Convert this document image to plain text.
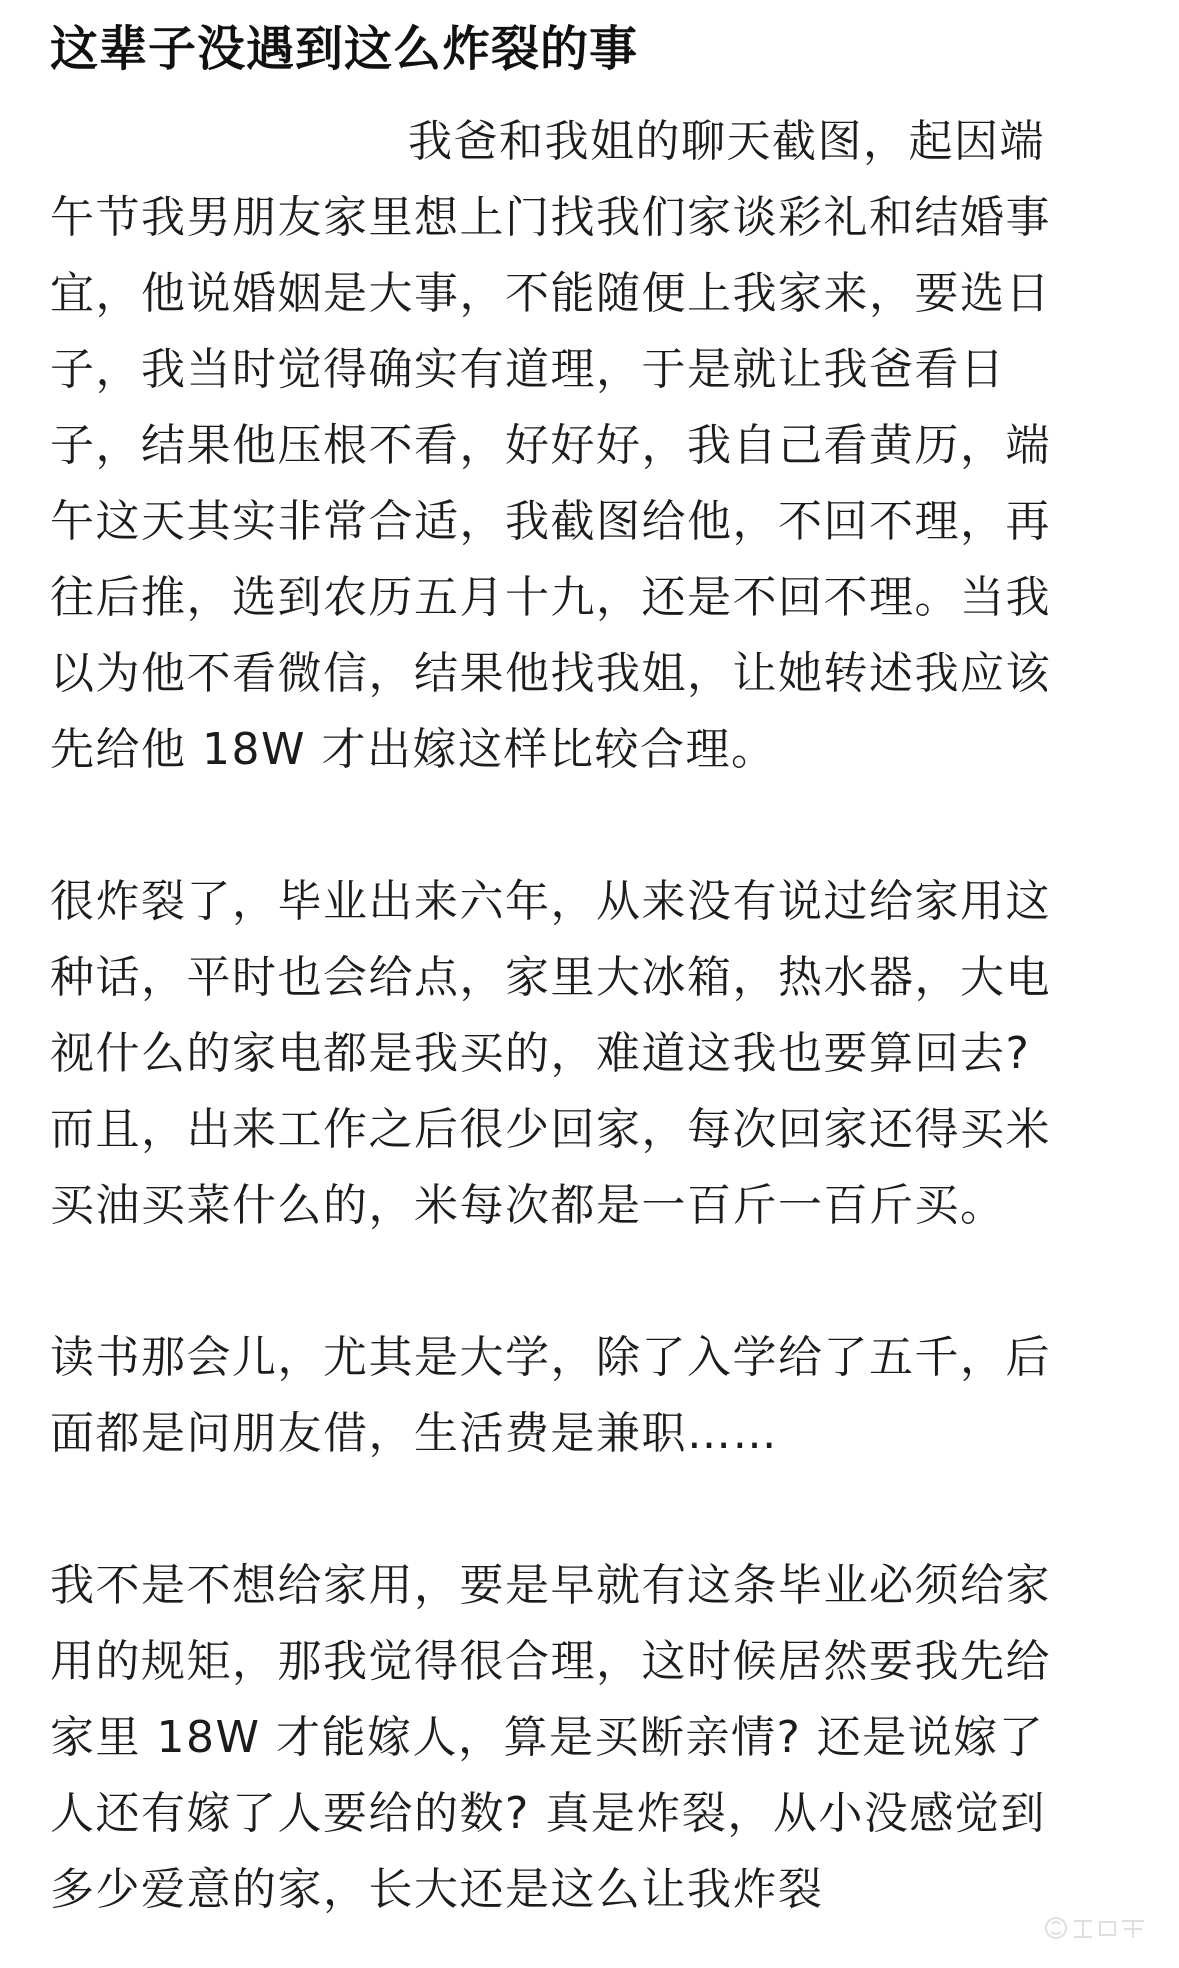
这辈子没遇到这么炸裂的事
我爸和我姐的聊天截图，起因端
午节我男朋友家里想上门找我们家谈彩礼和结婚事
宜，他说婚姻是大事，不能随便上我家来，要选日
子，我当时觉得确实有道理，于是就让我爸看日
子，结果他压根不看，好好好，我自己看黄历，端
午这天其实非常合适，我截图给他，不回不理，再
往后推，选到农历五月十九，还是不回不理。当我
以为他不看微信，结果他找我姐，让她转述我应该
先给他 18W 才出嫁这样比较合理。
很炸裂了，毕业出来六年，从来没有说过给家用这
种话，平时也会给点，家里大冰箱，热水器，大电
视什么的家电都是我买的，难道这我也要算回去?
而且，出来工作之后很少回家，每次回家还得买米
买油买菜什么的，米每次都是一百斤一百斤买。
读书那会儿，尤其是大学，除了入学给了五千，后
面都是问朋友借，生活费是兼职……
我不是不想给家用，要是早就有这条毕业必须给家
用的规矩，那我觉得很合理，这时候居然要我先给
家里 18W 才能嫁人，算是买断亲情? 还是说嫁了
人还有嫁了人要给的数? 真是炸裂，从小没感觉到
多少爱意的家，长大还是这么让我炸裂
